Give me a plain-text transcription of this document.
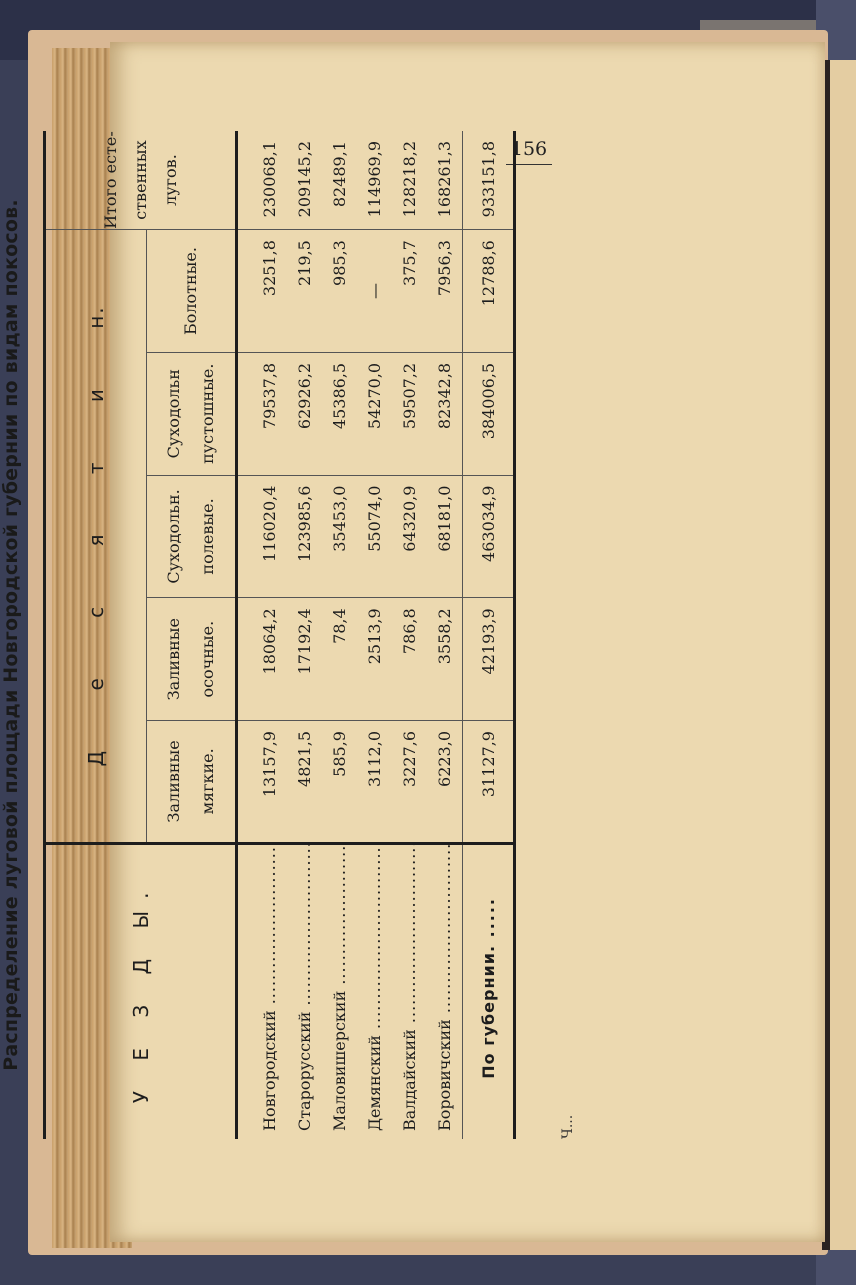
156
Распределение луговой площади Новгородской губернии по видам покосов.	У Е З Д Ы.	Д е с я т и н.					Итого есте- ственных лугов.

	Заливные мягкие.	Заливные осочные.	Суходольн. полевые.	Суходольн пустошные.	Болотные.	

Новгородский .....	13157,9	18064,2	116020,4	79537,8	3251,8	230068,1
Старорусский .....	4821,5	17192,4	123985,6	62926,2	219,5	209145,2
Маловишерский .....	585,9	78,4	35453,0	45386,5	985,3	82489,1
Демянский .....	3112,0	2513,9	55074,0	54270,0	—	114969,9
Валдайский .....	3227,6	786,8	64320,9	59507,2	375,7	128218,2
Боровичский .....	6223,0	3558,2	68181,0	82342,8	7956,3	168261,3
По губернии. .....	31127,9	42193,9	463034,9	384006,5	12788,6	933151,8
Ч...
